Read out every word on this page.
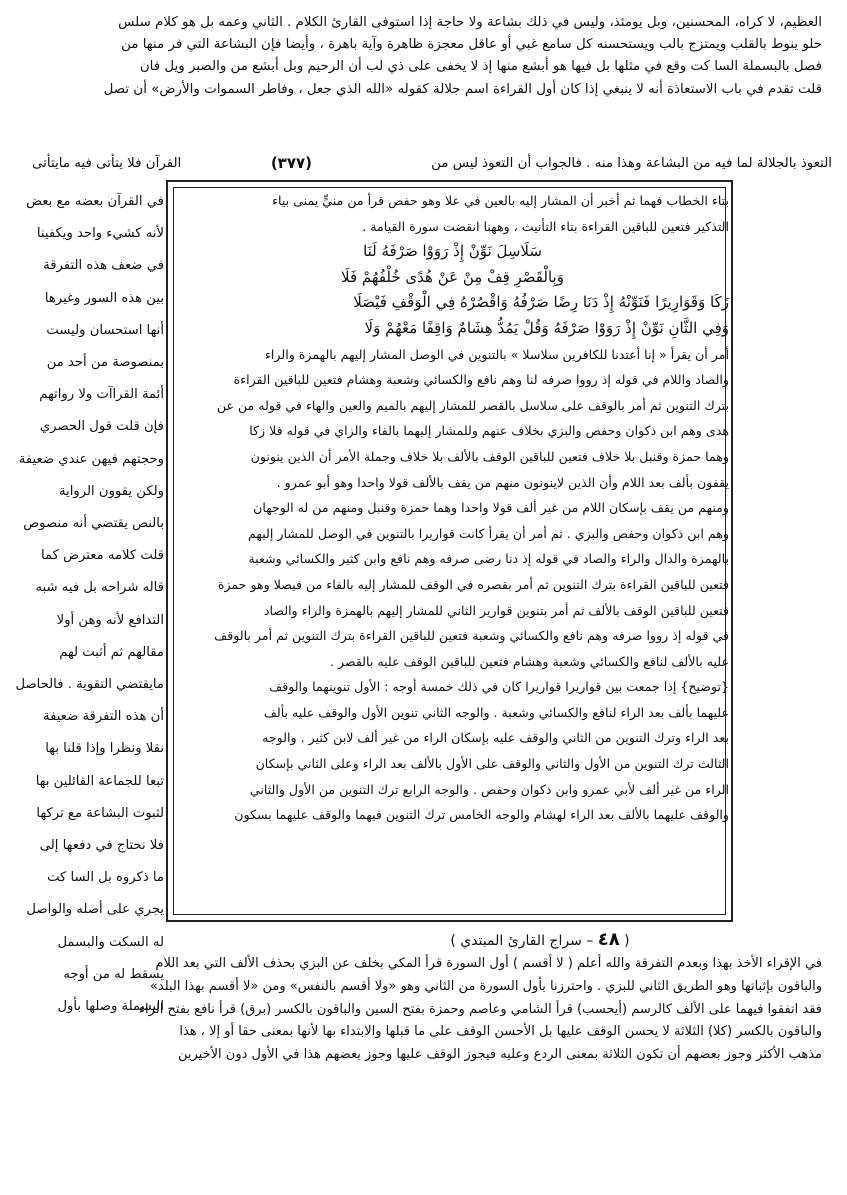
العظيم، لا كراه، المحسنين، وبل يومئذ، وليس في ذلك بشاعة ولا حاجة إذا استوفى القارئ الكلام . الثاني وعمه بل هو كلام سلس
حلو ينوط بالقلب ويمتزج بالب ويستحسنه كل سامع غبي أو عاقل معجزة ظاهرة وآية باهرة ، وأيضا فإن البشاعة التي فر منها من
فصل بالبسملة السا كت وقع في مثلها بل فيها هو أبشع منها إذ لا يخفى على ذي لب أن الرحيم وبل أبشع من والصبر ويل فان
قلت تقدم في باب الاستعاذة أنه لا ينبغي إذا كان أول القراءة اسم جلالة كقوله «الله الذي جعل ، وفاطر السموات والأرض» أن تصل
التعوذ بالجلالة لما فيه من البشاعة وهذا منه . فالجواب أن التعوذ ليس من
(٣٧٧)
القرآن فلا يتأتى فيه مايتأتى
في القرآن بعضه مع بعض
لأنه كشيء واحد ويكفينا
في ضعف هذه التفرقة
بين هذه السور وغيرها
أنها استحسان وليست
بمنصوصة من أحد من
أئمة القراآت ولا رواتهم
فإن قلت قول الحصري
وحجتهم فيهن عندي ضعيفة
ولكن يقوون الرواية
بالنص يقتضي أنه منصوص
قلت كلامه معترض كما
قاله شراحه بل فيه شبه
التدافع لأنه وهن أولا
مقالهم ثم أثبت لهم
مايقتضي التقوية . فالحاصل
أن هذه التفرقة ضعيفة
نقلا ونظرا وإذا قلنا بها
تبعا للجماعة القائلين بها
لثبوت البشاعة مع تركها
فلا نحتاج في دفعها إلى
ما ذكروه بل السا كت
يجري على أصله والواصل
له السكت والبسمل
يسقط له من أوجه
البسملة وصلها بأول
بتاء الخطاب فهما ثم أخبر أن المشار إليه بالعين في علا وهو حفص قرأ من منيٍّ يمنى بياء
التذكير فتعين للباقين القراءة بتاء التأنيث ، وههنا انقضت سورة القيامة .
سَلَاسِلَ نَوِّنْ إِذْ رَوَوْا صَرْفَهُ لَنَا
وَبِالْقَصْرِ قِفْ مِنْ عَنْ هُدًى خُلْفُهُمْ فَلَا
زَكَا وَقَوَارِيرًا فَنَوِّنْهُ إِذْ دَنَا رِضًا صَرْفُهُ وَاقْصُرْهُ فِي الْوَقْفِ فَيْصَلَا
وَفِي الثَّانِ نَوِّنْ إِذْ رَوَوْا صَرْفَهُ وَقُلْ يَمُدُّ هِشَامٌ وَاقِفًا مَعْهُمْ وَلَا
أمر أن يقرأ « إنا أعتدنا للكافرين سلاسلا » بالتنوين في الوصل المشار إليهم بالهمزة والراء
والصاد واللام في قوله إذ رووا صرفه لنا وهم نافع والكسائي وشعبة وهشام فتعين للباقين القراءة
بترك التنوين ثم أمر بالوقف على سلاسل بالقصر للمشار إليهم بالميم والعين والهاء في قوله من عن
هدى وهم ابن ذكوان وحفص والبزي بخلاف عنهم وللمشار إليهما بالفاء والزاي في قوله فلا زكا
وهما حمزة وقنبل بلا خلاف فتعين للباقين الوقف بالألف بلا خلاف وجملة الأمر أن الذين ينونون
يقفون بألف بعد اللام وأن الذين لاينونون منهم من يقف بالألف قولا واحدا وهو أبو عمرو .
ومنهم من يقف بإسكان اللام من غير ألف قولا واحدا وهما حمزة وقنبل ومنهم من له الوجهان
وهم ابن ذكوان وحفص والبزي . ثم أمر أن يقرأ كانت قواريرا بالتنوين في الوصل للمشار إليهم
بالهمزة والدال والراء والصاد في قوله إذ دنا رضى صرفه وهم نافع وابن كثير والكسائي وشعبة
فتعين للباقين القراءة بترك التنوين ثم أمر بقصره في الوقف للمشار إليه بالفاء من فيصلا وهو حمزة
فتعين للباقين الوقف بالألف ثم أمر بتنوين قوارير الثاني للمشار إليهم بالهمزة والراء والصاد
في قوله إذ رووا صرفه وهم نافع والكسائي وشعبة فتعين للباقين القراءة بترك التنوين ثم أمر بالوقف
عليه بالألف لنافع والكسائي وشعبة وهشام فتعين للباقين الوقف عليه بالقصر .
{توضيح} إذا جمعت بين قواريرا قواريرا كان في ذلك خمسة أوجه : الأول تنوينهما والوقف
عليهما بألف بعد الراء لنافع والكسائي وشعبة . والوجه الثاني تنوين الأول والوقف عليه بألف
بعد الراء وترك التنوين من الثاني والوقف عليه بإسكان الراء من غير ألف لابن كثير . والوجه
الثالث ترك التنوين من الأول والثاني والوقف على الأول بالألف بعد الراء وعلى الثاني بإسكان
الراء من غير ألف لأبي عمرو وابن ذكوان وحفص . والوجه الرابع ترك التنوين من الأول والثاني
والوقف عليهما بالألف بعد الراء لهشام والوجه الخامس ترك التنوين فيهما والوقف عليهما بسكون
( ٤٨ – سراج القارئ المبتدي )
في الإقراء الأخذ بهذا وبعدم التفرقة والله أعلم ( لا أقسم ) أول السورة قرأ المكي بخلف عن البزي بحذف الألف التي بعد اللام
والباقون بإثباتها وهو الطريق الثاني للبزي . واحترزنا بأول السورة من الثاني وهو «ولا أقسم بالنفس» ومن «لا أقسم بهذا البلد»
فقد اتفقوا فيهما على الألف كالرسم (أيحسب) قرأ الشامي وعاصم وحمزة بفتح السين والباقون بالكسر (برق) قرأ نافع بفتح الراء
والباقون بالكسر (كلا) الثلاثة لا يحسن الوقف عليها بل الأحسن الوقف على ما قبلها والابتداء بها لأنها بمعنى حقا أو إلا ، هذا
مذهب الأكثر وجوز بعضهم أن تكون الثلاثة بمعنى الردع وعليه فيجوز الوقف عليها وجوز بعضهم هذا في الأول دون الأخيرين
